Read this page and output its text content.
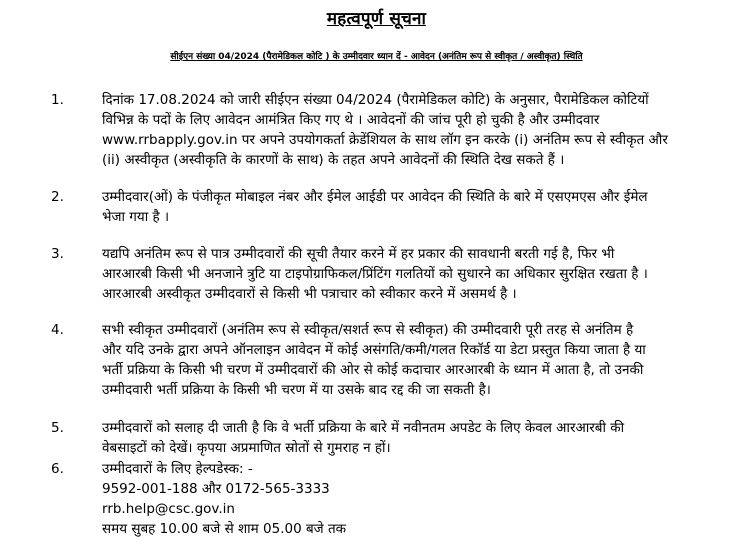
महत्वपूर्ण सूचना
सीईएन संख्या 04/2024 (पैरामेडिकल कोटि ) के उम्मीदवार ध्यान दें - आवेदन (अनंतिम रूप से स्वीकृत / अस्वीकृत) स्थिति
1.	दिनांक 17.08.2024 को जारी सीईएन संख्या 04/2024 (पैरामेडिकल कोटि) के अनुसार, पैरामेडिकल कोटियों
विभिन्न के पदों के लिए आवेदन आमंत्रित किए गए थे । आवेदनों की जांच पूरी हो चुकी है और उम्मीदवार
www.rrbapply.gov.in पर अपने उपयोगकर्ता क्रेडेंशियल के साथ लॉग इन करके (i) अनंतिम रूप से स्वीकृत और
(ii) अस्वीकृत (अस्वीकृति के कारणों के साथ) के तहत अपने आवेदनों की स्थिति देख सकते हैं ।
2.	उम्मीदवार(ओं) के पंजीकृत मोबाइल नंबर और ईमेल आईडी पर आवेदन की स्थिति के बारे में एसएमएस और ईमेल
भेजा गया है ।
3.	यद्यपि अनंतिम रूप से पात्र उम्मीदवारों की सूची तैयार करने में हर प्रकार की सावधानी बरती गई है, फिर भी
आरआरबी किसी भी अनजाने त्रुटि या टाइपोग्राफिकल/प्रिंटिंग गलतियों को सुधारने का अधिकार सुरक्षित रखता है ।
आरआरबी अस्वीकृत उम्मीदवारों से किसी भी पत्राचार को स्वीकार करने में असमर्थ है ।
4.	सभी स्वीकृत उम्मीदवारों (अनंतिम रूप से स्वीकृत/सशर्त रूप से स्वीकृत) की उम्मीदवारी पूरी तरह से अनंतिम है
और यदि उनके द्वारा अपने ऑनलाइन आवेदन में कोई असंगति/कमी/गलत रिकॉर्ड या डेटा प्रस्तुत किया जाता है या
भर्ती प्रक्रिया के किसी भी चरण में उम्मीदवारों की ओर से कोई कदाचार आरआरबी के ध्यान में आता है, तो उनकी
उम्मीदवारी भर्ती प्रक्रिया के किसी भी चरण में या उसके बाद रद्द की जा सकती है।
5.	उम्मीदवारों को सलाह दी जाती है कि वे भर्ती प्रक्रिया के बारे में नवीनतम अपडेट के लिए केवल आरआरबी की
वेबसाइटों को देखें। कृपया अप्रमाणित स्रोतों से गुमराह न हों।
6.	उम्मीदवारों के लिए हेल्पडेस्क: -
9592-001-188 और 0172-565-3333
rrb.help@csc.gov.in
समय सुबह 10.00 बजे से शाम 05.00 बजे तक
